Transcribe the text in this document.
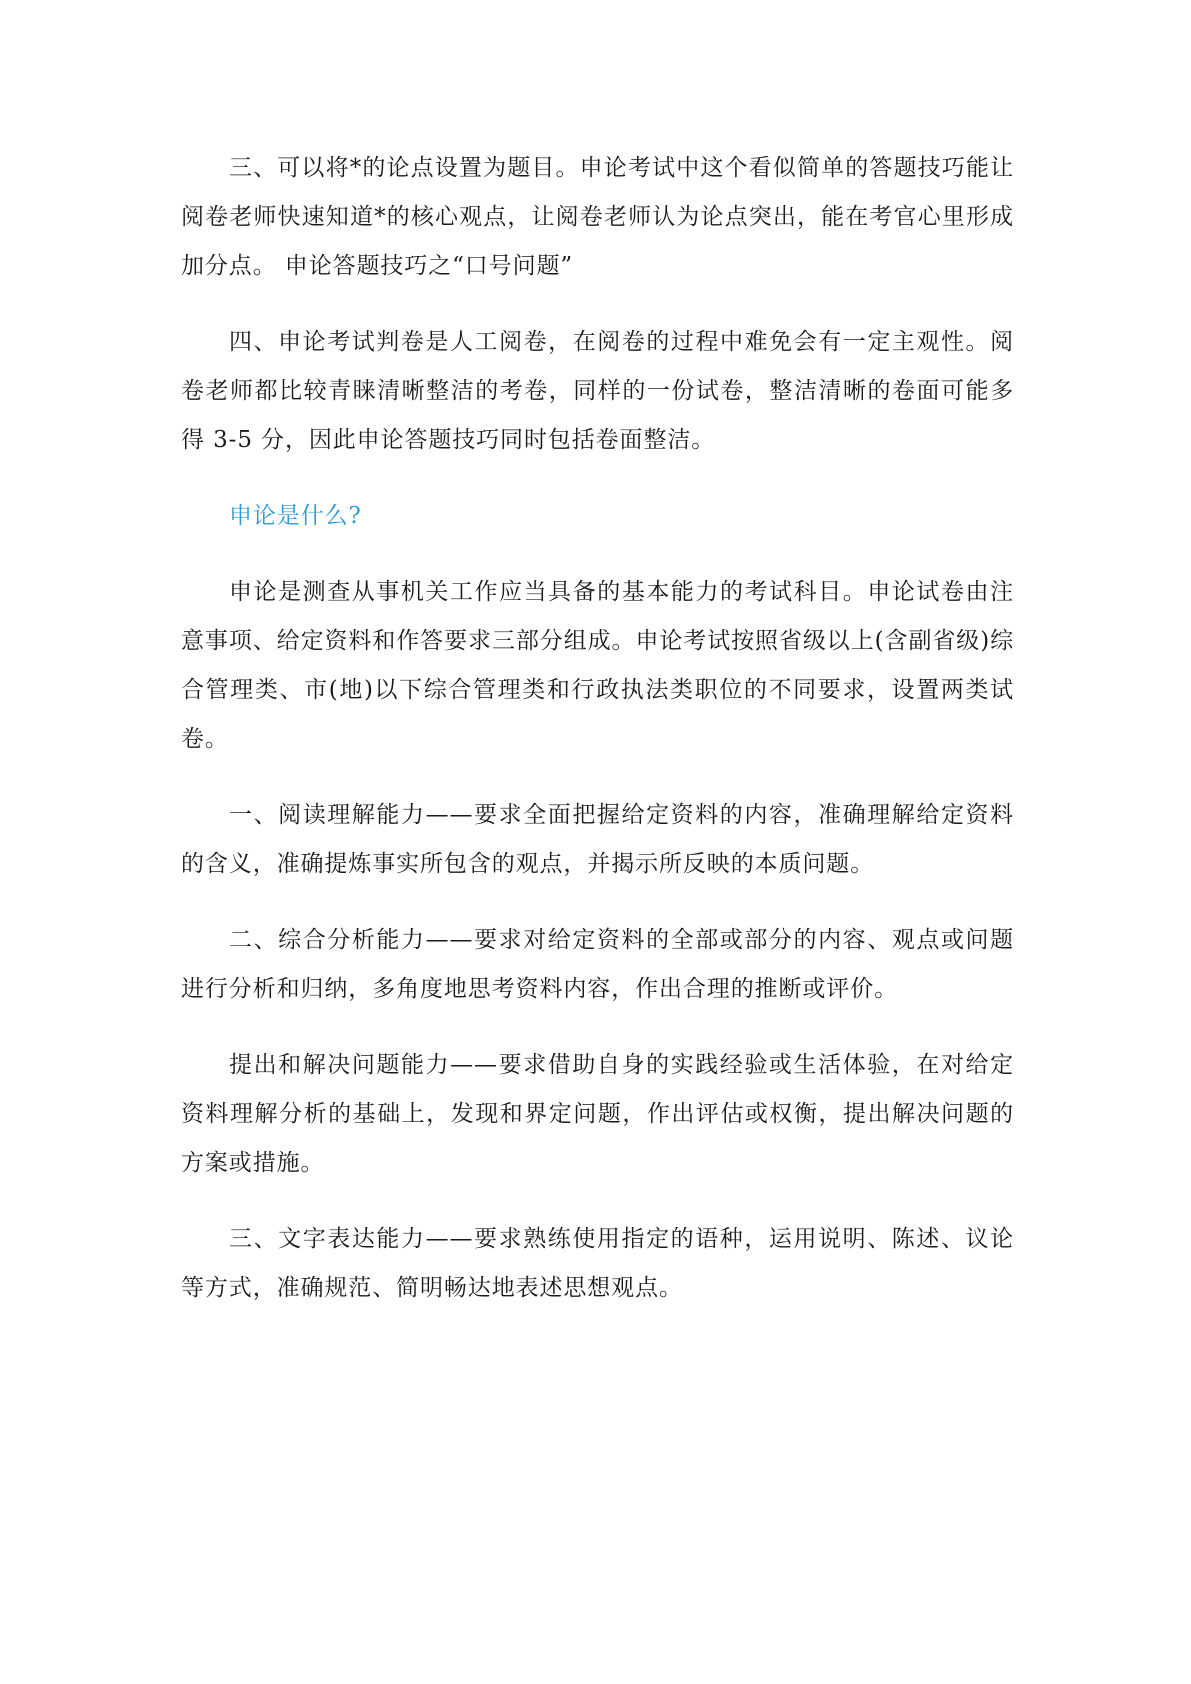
三、可以将*的论点设置为题目。申论考试中这个看似简单的答题技巧能让阅卷老师快速知道*的核心观点，让阅卷老师认为论点突出，能在考官心里形成加分点。 申论答题技巧之“口号问题”

四、申论考试判卷是人工阅卷，在阅卷的过程中难免会有一定主观性。阅卷老师都比较青睐清晰整洁的考卷，同样的一份试卷，整洁清晰的卷面可能多得 3-5 分，因此申论答题技巧同时包括卷面整洁。

申论是什么?

申论是测查从事机关工作应当具备的基本能力的考试科目。申论试卷由注意事项、给定资料和作答要求三部分组成。申论考试按照省级以上(含副省级)综合管理类、市(地)以下综合管理类和行政执法类职位的不同要求，设置两类试卷。

一、阅读理解能力——要求全面把握给定资料的内容，准确理解给定资料的含义，准确提炼事实所包含的观点，并揭示所反映的本质问题。

二、综合分析能力——要求对给定资料的全部或部分的内容、观点或问题进行分析和归纳，多角度地思考资料内容，作出合理的推断或评价。

提出和解决问题能力——要求借助自身的实践经验或生活体验，在对给定资料理解分析的基础上，发现和界定问题，作出评估或权衡，提出解决问题的方案或措施。

三、文字表达能力——要求熟练使用指定的语种，运用说明、陈述、议论等方式，准确规范、简明畅达地表述思想观点。
